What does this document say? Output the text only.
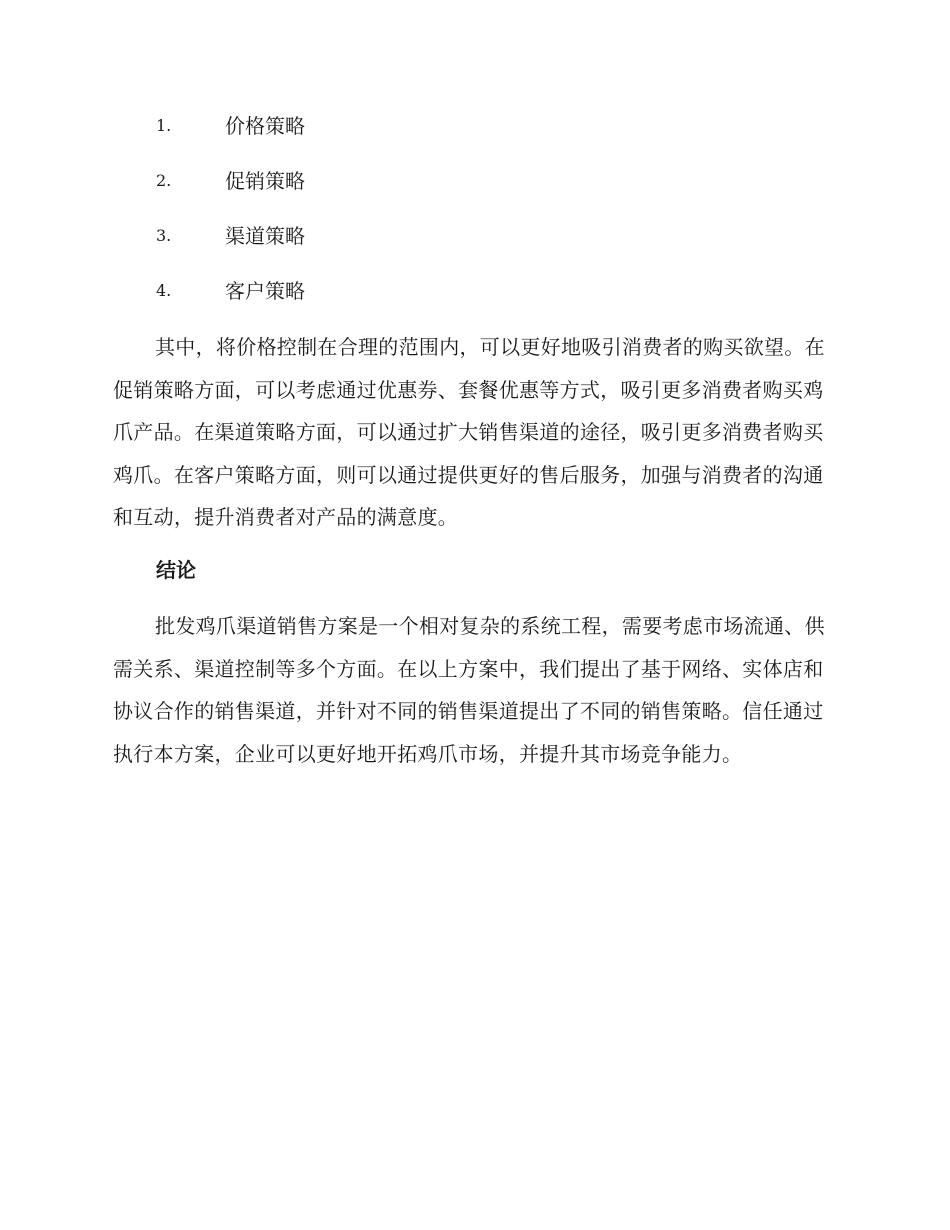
1.	价格策略
2.	促销策略
3.	渠道策略
4.	客户策略

其中，将价格控制在合理的范围内，可以更好地吸引消费者的购买欲望。在促销策略方面，可以考虑通过优惠券、套餐优惠等方式，吸引更多消费者购买鸡爪产品。在渠道策略方面，可以通过扩大销售渠道的途径，吸引更多消费者购买鸡爪。在客户策略方面，则可以通过提供更好的售后服务，加强与消费者的沟通和互动，提升消费者对产品的满意度。

结论

批发鸡爪渠道销售方案是一个相对复杂的系统工程，需要考虑市场流通、供需关系、渠道控制等多个方面。在以上方案中，我们提出了基于网络、实体店和协议合作的销售渠道，并针对不同的销售渠道提出了不同的销售策略。信任通过执行本方案，企业可以更好地开拓鸡爪市场，并提升其市场竞争能力。
